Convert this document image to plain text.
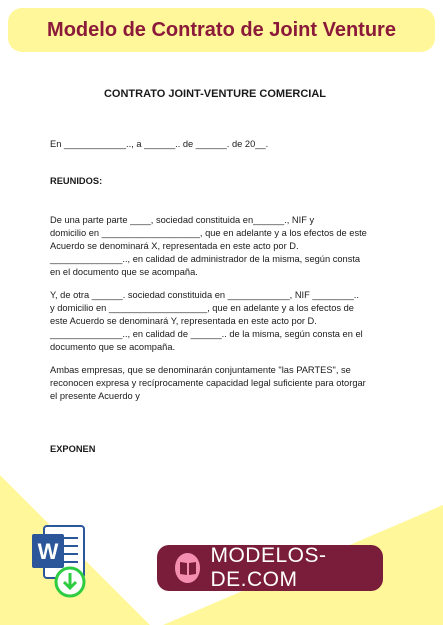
Modelo de Contrato de Joint Venture
CONTRATO JOINT-VENTURE COMERCIAL

En ____________.., a ______.. de ______. de 20__.

REUNIDOS:

De una parte parte ____, sociedad constituida en______., NIF y
domicilio en ___________________, que en adelante y a los efectos de este
Acuerdo se denominará X, representada en este acto por D.
______________.., en calidad de administrador de la misma, según consta
en el documento que se acompaña.
Y, de otra ______. sociedad constituida en ____________, NIF ________..
y domicilio en ___________________, que en adelante y a los efectos de
este Acuerdo se denominará Y, representada en este acto por D.
______________.., en calidad de ______.. de la misma, según consta en el
documento que se acompaña.
Ambas empresas, que se denominarán conjuntamente "las PARTES", se
reconocen expresa y recíprocamente capacidad legal suficiente para otorgar
el presente Acuerdo y

EXPONEN

W	MODELOS-DE.COM
